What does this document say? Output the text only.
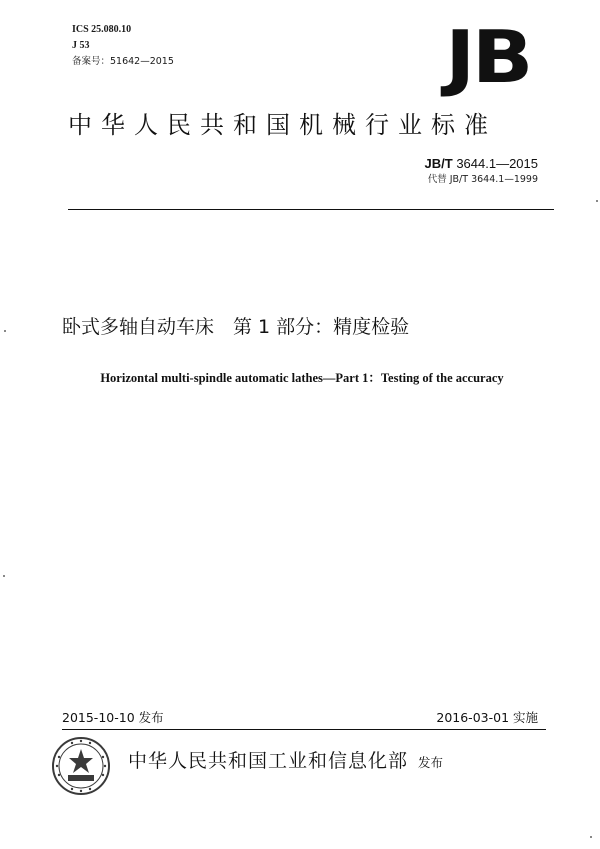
ICS 25.080.10
J 53
备案号：51642—2015	JB
中华人民共和国机械行业标准
JB/T 3644.1—2015
代替 JB/T 3644.1—1999
卧式多轴自动车床　第 1 部分：精度检验
Horizontal multi-spindle automatic lathes—Part 1：Testing of the accuracy
2015-10-10 发布	2016-03-01 实施
中华人民共和国工业和信息化部 发布
